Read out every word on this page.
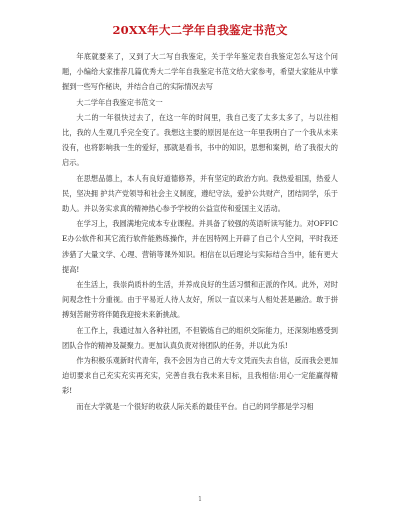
20XX年大二学年自我鉴定书范文

年底就要来了，又到了大二写自我鉴定，关于学年鉴定表自我鉴定怎么写这个问题，小编给大家推荐几篇优秀大二学年自我鉴定书范文给大家参考，希望大家能从中掌握到一些写作秘诀，并结合自己的实际情况去写

大二学年自我鉴定书范文一

大二的一年很快过去了，在这一年的时间里，我自己变了太多太多了，与以往相比，我的人生观几乎完全变了。我想这主要的原因是在这一年里我明白了一个我从未来没有，也将影响我一生的爱好，那就是看书，书中的知识，思想和案例，给了我很大的启示。

在思想品德上，本人有良好道德修养，并有坚定的政治方向。我热爱祖国，热爱人民，坚决拥 护共产党领导和社会主义制度，遵纪守法，爱护公共财产，团结同学，乐于助人。并以务实求真的精神热心参予学校的公益宣传和爱国主义活动。

在学习上，我圆满地完成本专业课程。并具备了较强的英语听读写能力。对OFFICE办公软件和其它流行软件能熟练操作，并在因特网上开辟了自己个人空间，平时我还涉猎了大量文学、心理、营销等课外知识。相信在以后理论与实际结合当中，能有更大提高!

在生活上，我崇尚质朴的生活，并养成良好的生活习惯和正派的作风。此外，对时间观念性十分重视。由于平易近人待人友好，所以一直以来与人相处甚是融洽。敢于拼搏刻苦耐劳将伴随我迎接未来新挑战。

在工作上，我通过加入各种社团，不但锻炼自己的组织交际能力，还深刻地感受到团队合作的精神及凝聚力。更加认真负责对待团队的任务，并以此为乐!

作为积极乐观新时代青年，我不会因为自己的大专文凭而失去自信，反而我会更加迫切要求自己充实充实再充实，完善自我右我未来目标，且我相信:用心一定能赢得精彩!

而在大学就是一个很好的收获人际关系的最佳平台。自己的同学都是学习相

1
